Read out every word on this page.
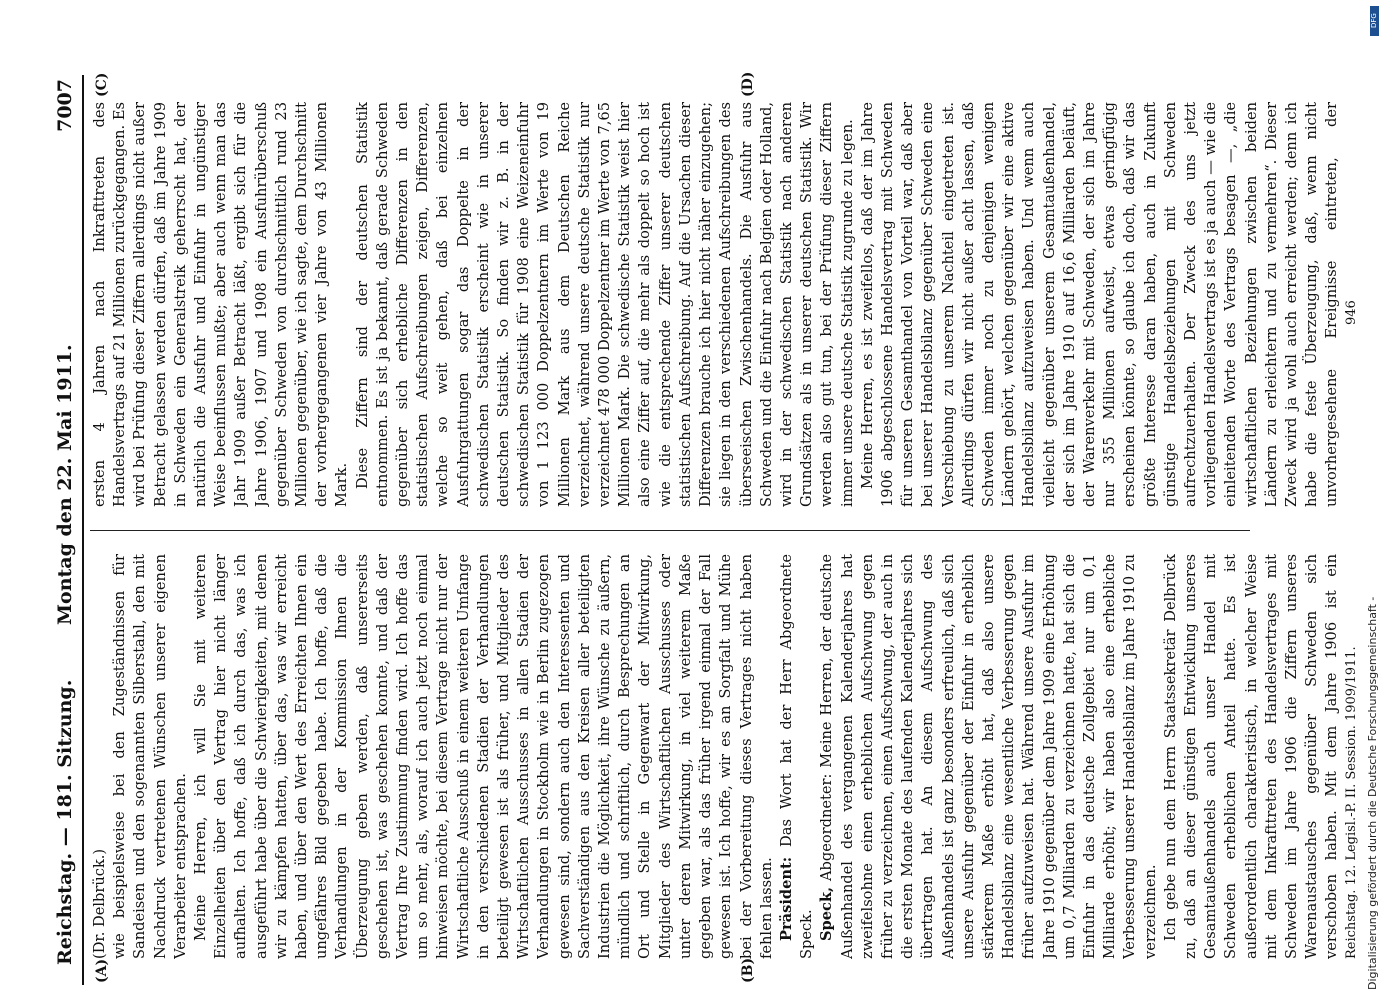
Reichstag. — 181. Sitzung.
Montag den 22. Mai 1911.
7007
(A)	(B)
(C)	(D)

(Dr. Delbrück.) wie beispielsweise bei den Zugeständnissen für Sandeisen und den sogenannten Silberstahl, den mit Nachdruck vertretenen Wünschen unserer eigenen Verarbeiter entsprachen. Meine Herren, ich will Sie mit weiteren Einzelheiten über den Vertrag hier nicht länger aufhalten. Ich hoffe, daß ich durch das, was ich ausgeführt habe über die Schwierigkeiten, mit denen wir zu kämpfen hatten, über das, was wir erreicht haben, und über den Wert des Erreichten Ihnen ein ungefähres Bild gegeben habe. Ich hoffe, daß die Verhandlungen in der Kommission Ihnen die Überzeugung geben werden, daß unsererseits geschehen ist, was geschehen konnte, und daß der Vertrag Ihre Zustimmung finden wird. Ich hoffe das um so mehr, als, worauf ich auch jetzt noch einmal hinweisen möchte, bei diesem Vertrage nicht nur der Wirtschaftliche Ausschuß in einem weiteren Umfange in den verschiedenen Stadien der Verhandlungen beteiligt gewesen ist als früher, und Mitglieder des Wirtschaftlichen Ausschusses in allen Stadien der Verhandlungen in Stockholm wie in Berlin zugezogen gewesen sind, sondern auch den Interessenten und Sachverständigen aus den Kreisen aller beteiligten Industrien die Möglichkeit, ihre Wünsche zu äußern, mündlich und schriftlich, durch Besprechungen an Ort und Stelle in Gegenwart der Mitwirkung, Mitglieder des Wirtschaftlichen Ausschusses oder unter deren Mitwirkung, in viel weiterem Maße gegeben war, als das früher irgend einmal der Fall gewesen ist. Ich hoffe, wir es an Sorgfalt und Mühe bei der Vorbereitung dieses Vertrages nicht haben fehlen lassen. Präsident: Das Wort hat der Herr Abgeordnete Speck. Speck, Abgeordneter: Meine Herren, der deutsche Außenhandel des vergangenen Kalenderjahres hat zweifelsohne einen erheblichen Aufschwung gegen früher zu verzeichnen, einen Aufschwung, der auch in die ersten Monate des laufenden Kalenderjahres sich übertragen hat. An diesem Aufschwung des Außenhandels ist ganz besonders erfreulich, daß sich unsere Ausfuhr gegenüber der Einfuhr in erheblich stärkerem Maße erhöht hat, daß also unsere Handelsbilanz eine wesentliche Verbesserung gegen früher aufzuweisen hat. Während unsere Ausfuhr im Jahre 1910 gegenüber dem Jahre 1909 eine Erhöhung um 0,7 Milliarden zu verzeichnen hatte, hat sich die Einfuhr in das deutsche Zollgebiet nur um 0,1 Milliarde erhöht; wir haben also eine erhebliche Verbesserung unserer Handelsbilanz im Jahre 1910 zu verzeichnen. Ich gebe nun dem Herrn Staatssekretär Delbrück zu, daß an dieser günstigen Entwicklung unseres Gesamtaußenhandels auch unser Handel mit Schweden erheblichen Anteil hatte. Es ist außerordentlich charakteristisch, in welcher Weise mit dem Inkrafttreten des Handelsvertrages mit Schweden im Jahre 1906 die Ziffern unseres Warenaustausches gegenüber Schweden sich verschoben haben. Mit dem Jahre 1906 ist ein

ersten 4 Jahren nach Inkrafttreten des Handelsvertrags auf 21 Millionen zurückgegangen. Es wird bei Prüfung dieser Ziffern allerdings nicht außer Betracht gelassen werden dürfen, daß im Jahre 1909 in Schweden ein Generalstreik geherrscht hat, der natürlich die Ausfuhr und Einfuhr in ungünstiger Weise beeinflussen mußte; aber auch wenn man das Jahr 1909 außer Betracht läßt, ergibt sich für die Jahre 1906, 1907 und 1908 ein Ausfuhrüberschuß gegenüber Schweden von durchschnittlich rund 23 Millionen gegenüber, wie ich sagte, dem Durchschnitt der vorhergegangenen vier Jahre von 43 Millionen Mark. Diese Ziffern sind der deutschen Statistik entnommen. Es ist ja bekannt, daß gerade Schweden gegenüber sich erhebliche Differenzen in den statistischen Aufschreibungen zeigen, Differenzen, welche so weit gehen, daß bei einzelnen Ausfuhrgattungen sogar das Doppelte in der schwedischen Statistik erscheint wie in unserer deutschen Statistik. So finden wir z. B. in der schwedischen Statistik für 1908 eine Weizeneinfuhr von 1 123 000 Doppelzentnern im Werte von 19 Millionen Mark aus dem Deutschen Reiche verzeichnet, während unsere deutsche Statistik nur verzeichnet 478 000 Doppelzentner im Werte von 7,65 Millionen Mark. Die schwedische Statistik weist hier also eine Ziffer auf, die mehr als doppelt so hoch ist wie die entsprechende Ziffer unserer deutschen statistischen Aufschreibung. Auf die Ursachen dieser Differenzen brauche ich hier nicht näher einzugehen; sie liegen in den verschiedenen Aufschreibungen des überseeischen Zwischenhandels. Die Ausfuhr aus Schweden und die Einfuhr nach Belgien oder Holland, wird in der schwedischen Statistik nach anderen Grundsätzen als in unserer deutschen Statistik. Wir werden also gut tun, bei der Prüfung dieser Ziffern immer unsere deutsche Statistik zugrunde zu legen. Meine Herren, es ist zweifellos, daß der im Jahre 1906 abgeschlossene Handelsvertrag mit Schweden für unseren Gesamthandel von Vorteil war, daß aber bei unserer Handelsbilanz gegenüber Schweden eine Verschiebung zu unserem Nachteil eingetreten ist. Allerdings dürfen wir nicht außer acht lassen, daß Schweden immer noch zu denjenigen wenigen Ländern gehört, welchen gegenüber wir eine aktive Handelsbilanz aufzuweisen haben. Und wenn auch vielleicht gegenüber unserem Gesamtaußenhandel, der sich im Jahre 1910 auf 16,6 Milliarden beläuft, der Warenverkehr mit Schweden, der sich im Jahre nur 355 Millionen aufweist, etwas geringfügig erscheinen könnte, so glaube ich doch, daß wir das größte Interesse daran haben, auch in Zukunft günstige Handelsbeziehungen mit Schweden aufrechtzuerhalten. Der Zweck des uns jetzt vorliegenden Handelsvertrags ist es ja auch — wie die einleitenden Worte des Vertrags besagen —, „die wirtschaftlichen Beziehungen zwischen beiden Ländern zu erleichtern und zu vermehren“. Dieser Zweck wird ja wohl auch erreicht werden; denn ich habe die feste Überzeugung, daß, wenn nicht unvorhergesehene Ereignisse eintreten, der

Reichstag. 12. Legisl.-P. II. Session. 1909/1911.
946
DFG
Digitalisierung gefördert durch die Deutsche Forschungsgemeinschaft -
